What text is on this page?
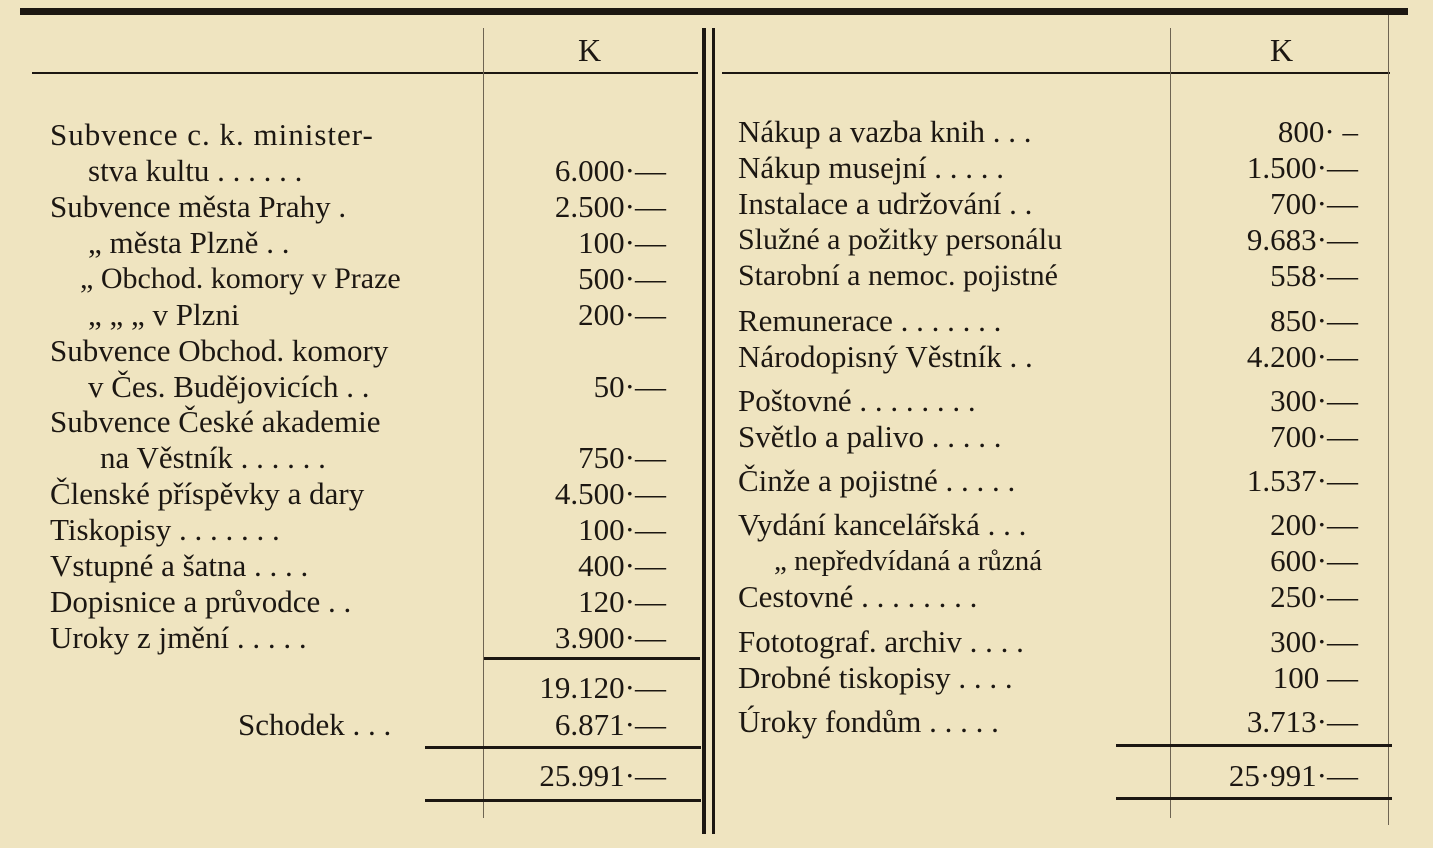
K	K
Subvence c. k. minister-
stva kultu . . . . . .
Subvence města Prahy .
„ města Plzně . .
„ Obchod. komory v Praze
„ „ „ v Plzni
Subvence Obchod. komory
v Čes. Budějovicích . .
Subvence České akademie
na Věstník . . . . . .
Členské příspěvky a dary
Tiskopisy . . . . . . .
Vstupné a šatna . . . .
Dopisnice a průvodce . .
Uroky z jmění . . . . .
6.000·—
2.500·—
100·—
500·—
200·—
50·—
750·—
4.500·—
100·—
400·—
120·—
3.900·—
19.120·—
Schodek . . .	6.871·—
25.991·—
Nákup a vazba knih . . .
Nákup musejní . . . . .
Instalace a udržování . .
Služné a požitky personálu
Starobní a nemoc. pojistné
Remunerace . . . . . . .
Národopisný Věstník . .
Poštovné . . . . . . . .
Světlo a palivo . . . . .
Činže a pojistné . . . . .
Vydání kancelářská . . .
„ nepředvídaná a různá
Cestovné . . . . . . . .
Fototograf. archiv . . . .
Drobné tiskopisy . . . .
Úroky fondům . . . . .
800· –
1.500·—
700·—
9.683·—
558·—
850·—
4.200·—
300·—
700·—
1.537·—
200·—
600·—
250·—
300·—
100 —
3.713·—
25·991·—
